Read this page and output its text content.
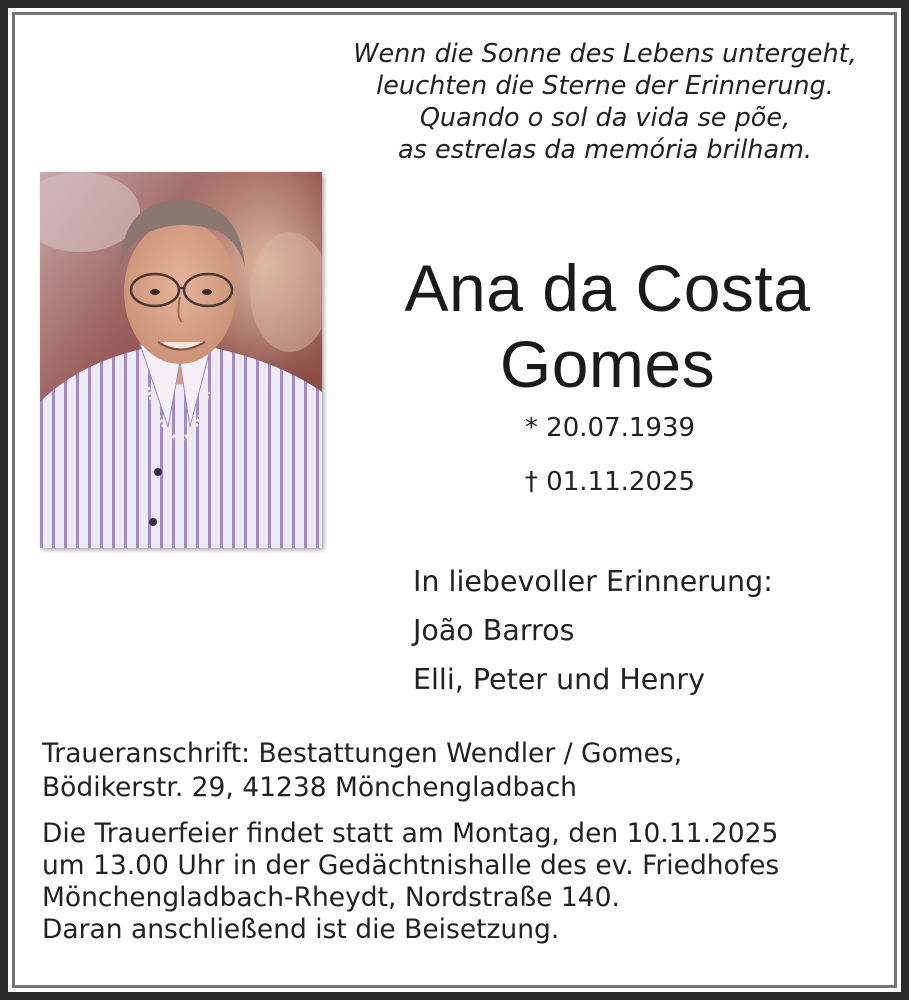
Wenn die Sonne des Lebens untergeht,
leuchten die Sterne der Erinnerung.
Quando o sol da vida se põe,
as estrelas da memória brilham.
Ana da Costa
Gomes
* 20.07.1939
† 01.11.2025
In liebevoller Erinnerung:
João Barros
Elli, Peter und Henry
Traueranschrift: Bestattungen Wendler / Gomes,
Bödikerstr. 29, 41238 Mönchengladbach
Die Trauerfeier findet statt am Montag, den 10.11.2025
um 13.00 Uhr in der Gedächtnishalle des ev. Friedhofes
Mönchengladbach-Rheydt, Nordstraße 140.
Daran anschließend ist die Beisetzung.
